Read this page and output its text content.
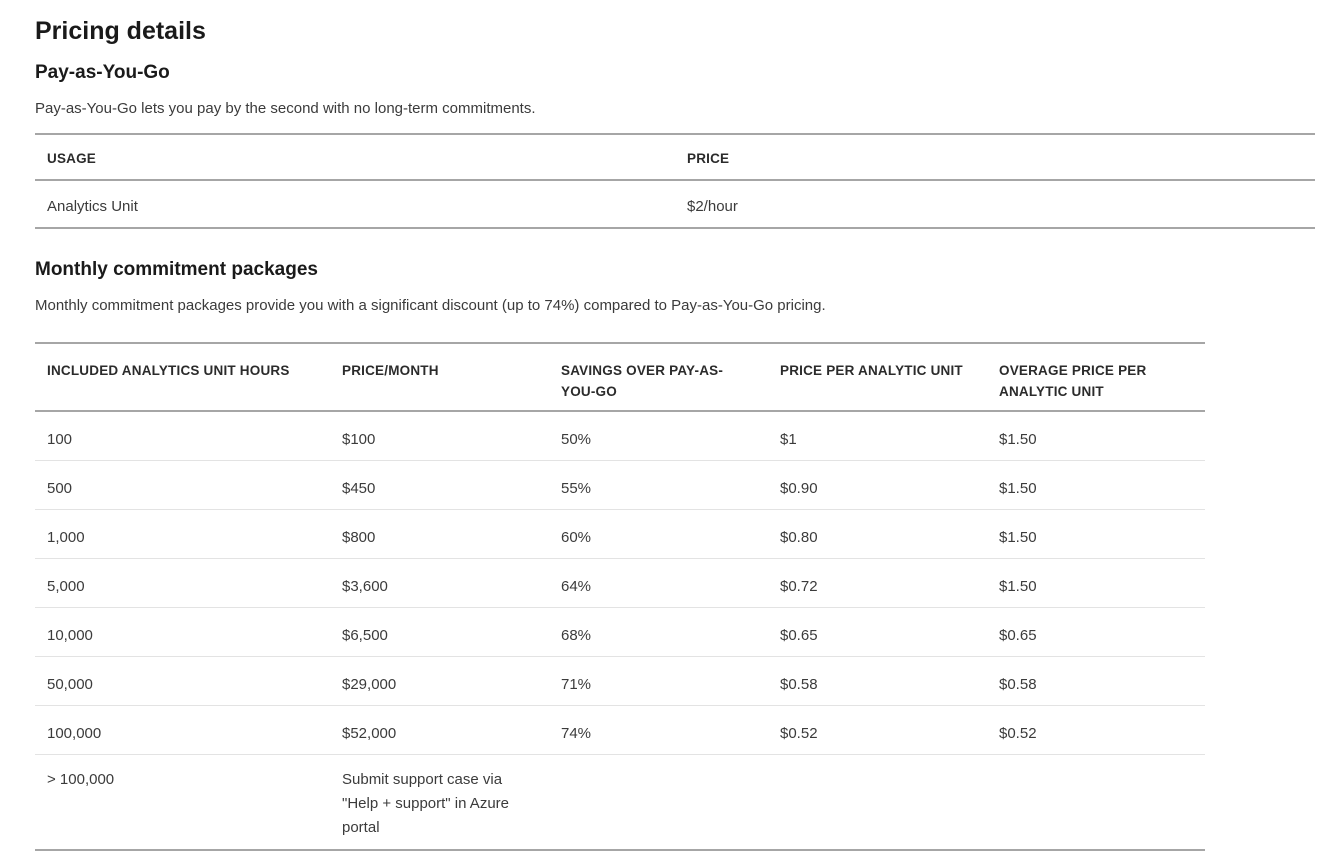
Pricing details
Pay-as-You-Go

Pay-as-You-Go lets you pay by the second with no long-term commitments.

USAGE	PRICE
Analytics Unit	$2/hour
Monthly commitment packages

Monthly commitment packages provide you with a significant discount (up to 74%) compared to Pay-as-You-Go pricing.

INCLUDED ANALYTICS UNIT HOURS	PRICE/MONTH	SAVINGS OVER PAY-AS-YOU-GO	PRICE PER ANALYTIC UNIT	OVERAGE PRICE PER ANALYTIC UNIT
100	$100	50%	$1	$1.50
500	$450	55%	$0.90	$1.50
1,000	$800	60%	$0.80	$1.50
5,000	$3,600	64%	$0.72	$1.50
10,000	$6,500	68%	$0.65	$0.65
50,000	$29,000	71%	$0.58	$0.58
100,000	$52,000	74%	$0.52	$0.52
> 100,000	Submit support case via "Help + support" in Azure portal			
